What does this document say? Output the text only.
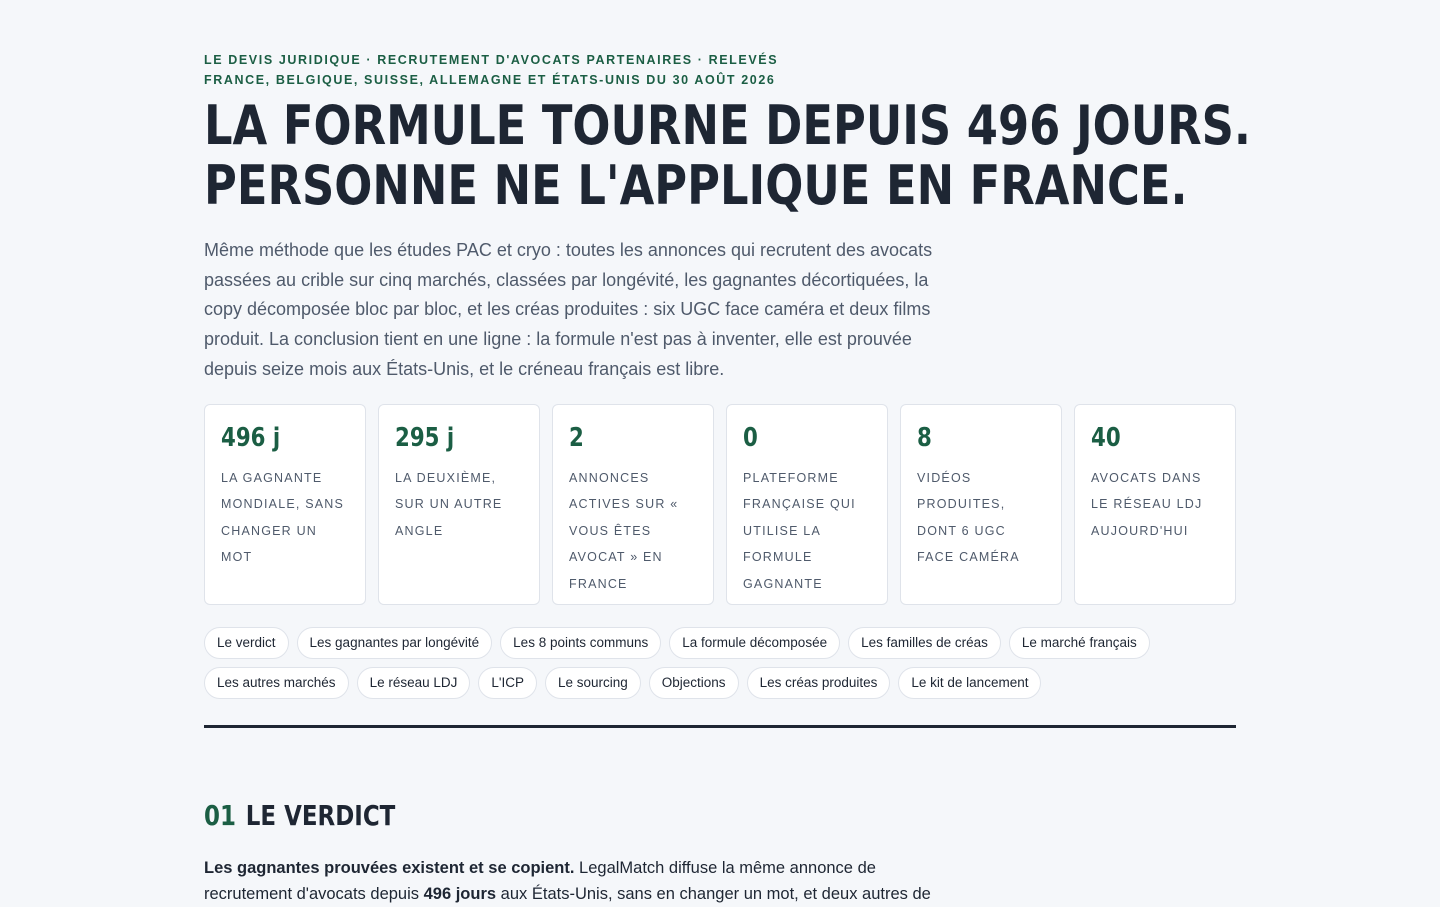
LE DEVIS JURIDIQUE · RECRUTEMENT D'AVOCATS PARTENAIRES · RELEVÉS
FRANCE, BELGIQUE, SUISSE, ALLEMAGNE ET ÉTATS-UNIS DU 30 AOÛT 2026
LA FORMULE TOURNE DEPUIS 496 JOURS.
PERSONNE NE L'APPLIQUE EN FRANCE.

Même méthode que les études PAC et cryo : toutes les annonces qui recrutent des avocats passées au crible sur cinq marchés, classées par longévité, les gagnantes décortiquées, la copy décomposée bloc par bloc, et les créas produites : six UGC face caméra et deux films produit. La conclusion tient en une ligne : la formule n'est pas à inventer, elle est prouvée depuis seize mois aux États-Unis, et le créneau français est libre.

496 j
LA GAGNANTE MONDIALE, SANS CHANGER UN MOT
295 j
LA DEUXIÈME, SUR UN AUTRE ANGLE
2
ANNONCES ACTIVES SUR « VOUS ÊTES AVOCAT » EN FRANCE
0
PLATEFORME FRANÇAISE QUI UTILISE LA FORMULE GAGNANTE
8
VIDÉOS PRODUITES, DONT 6 UGC FACE CAMÉRA
40
AVOCATS DANS LE RÉSEAU LDJ AUJOURD'HUI
Le verdict	Les gagnantes par longévité	Les 8 points communs	La formule décomposée	Les familles de créas	Le marché français
Les autres marchés	Le réseau LDJ	L'ICP	Le sourcing	Objections	Les créas produites	Le kit de lancement
01 LE VERDICT

Les gagnantes prouvées existent et se copient. LegalMatch diffuse la même annonce de recrutement d'avocats depuis 496 jours aux États-Unis, sans en changer un mot, et deux autres de
